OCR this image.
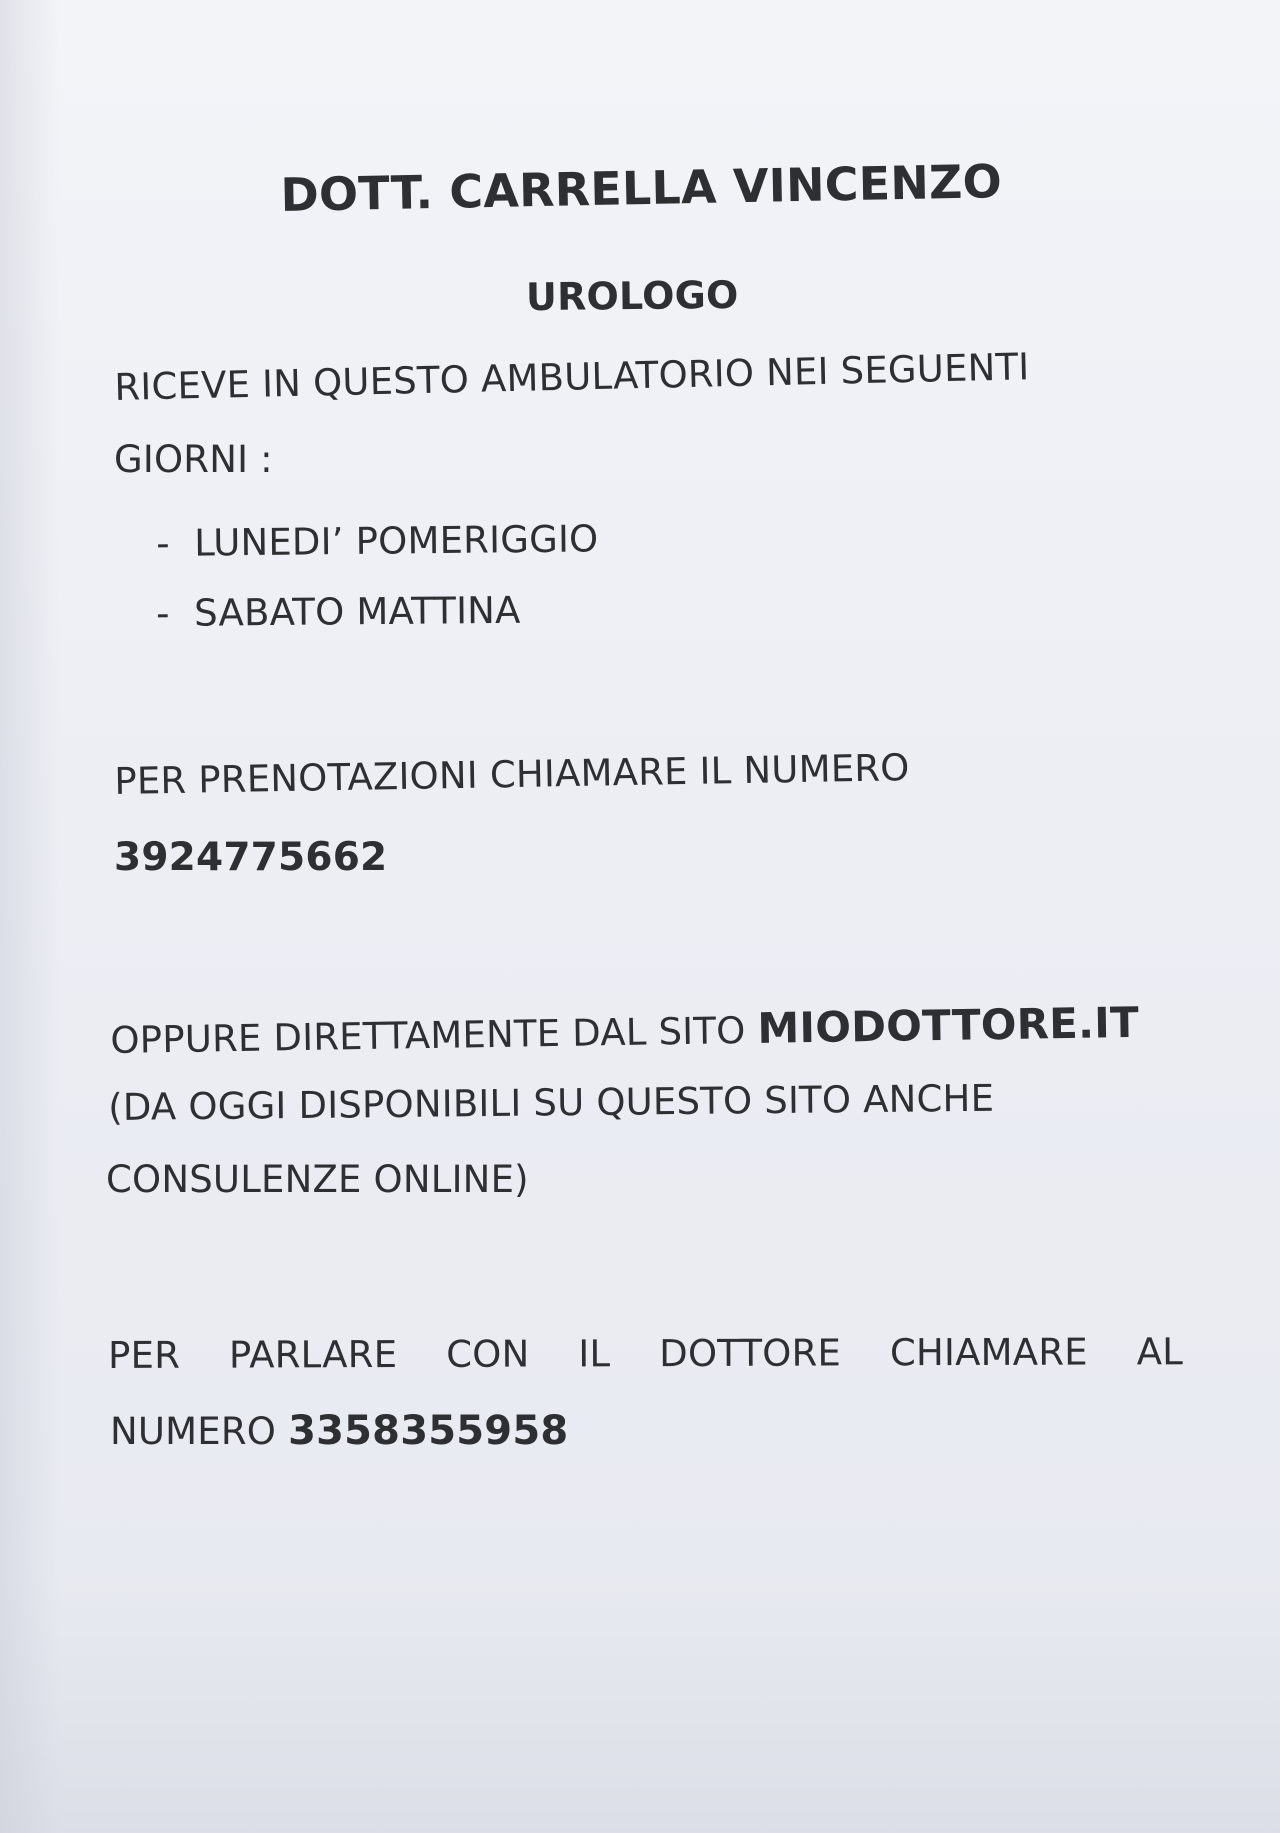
DOTT. CARRELLA VINCENZO

UROLOGO

RICEVE IN QUESTO AMBULATORIO NEI SEGUENTI

GIORNI :

- LUNEDI’ POMERIGGIO

- SABATO MATTINA

PER PRENOTAZIONI CHIAMARE IL NUMERO

3924775662

OPPURE DIRETTAMENTE DAL SITO MIODOTTORE.IT

(DA OGGI DISPONIBILI SU QUESTO SITO ANCHE

CONSULENZE ONLINE)

PER PARLARE CON IL DOTTORE CHIAMARE AL

NUMERO 3358355958
